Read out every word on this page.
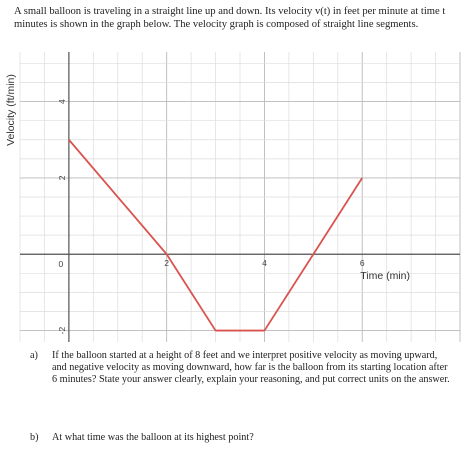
A small balloon is traveling in a straight line up and down. Its velocity v(t) in feet per minute at time t minutes is shown in the graph below. The velocity graph is composed of straight line segments.
2	4	6
4
2
-2
0
Time (min)
Velocity (ft/min)
a) If the balloon started at a height of 8 feet and we interpret positive velocity as moving upward, and negative velocity as moving downward, how far is the balloon from its starting location after 6 minutes? State your answer clearly, explain your reasoning, and put correct units on the answer.
b) At what time was the balloon at its highest point?
